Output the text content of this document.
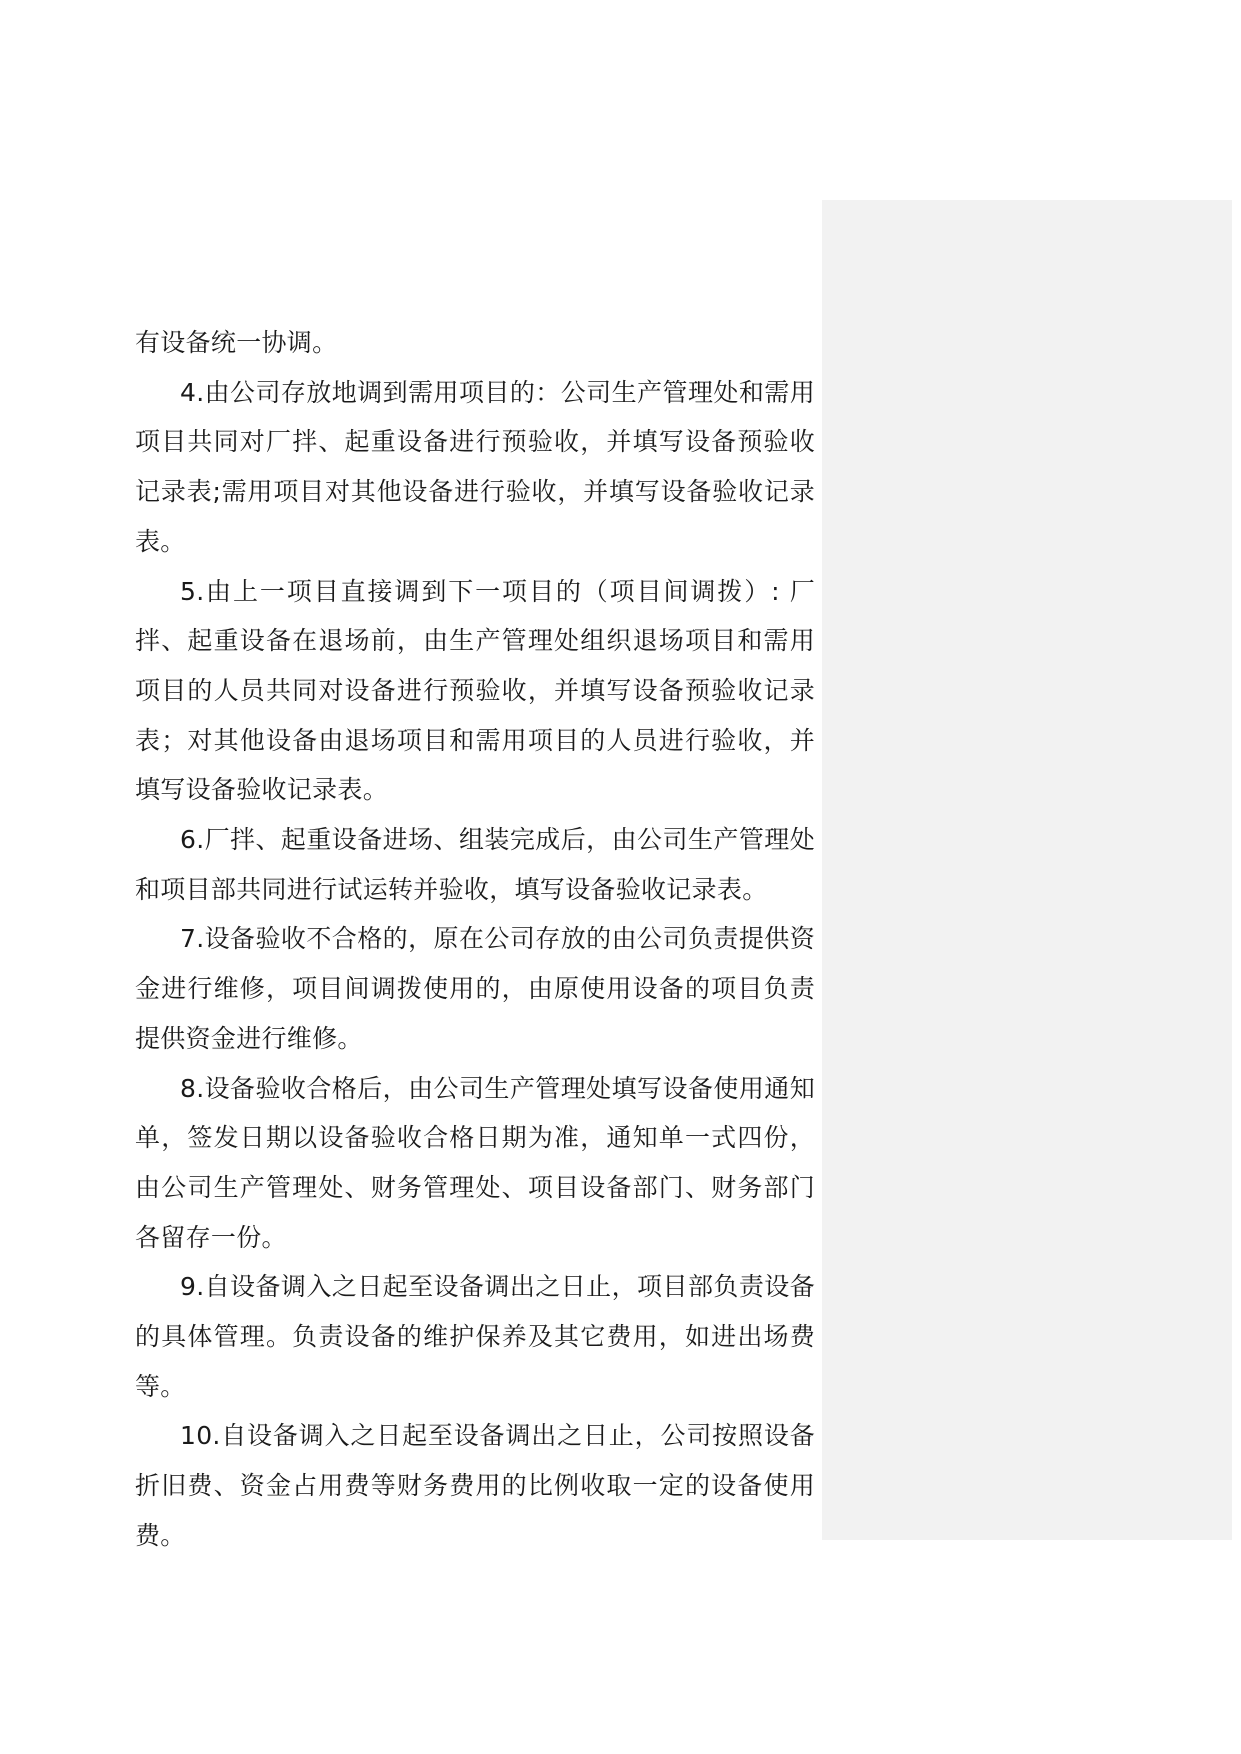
有设备统一协调。

4.由公司存放地调到需用项目的：公司生产管理处和需用项目共同对厂拌、起重设备进行预验收，并填写设备预验收记录表;需用项目对其他设备进行验收，并填写设备验收记录表。

5.由上一项目直接调到下一项目的（项目间调拨）: 厂拌、起重设备在退场前，由生产管理处组织退场项目和需用项目的人员共同对设备进行预验收，并填写设备预验收记录表；对其他设备由退场项目和需用项目的人员进行验收，并填写设备验收记录表。

6.厂拌、起重设备进场、组装完成后，由公司生产管理处和项目部共同进行试运转并验收，填写设备验收记录表。

7.设备验收不合格的，原在公司存放的由公司负责提供资金进行维修，项目间调拨使用的，由原使用设备的项目负责提供资金进行维修。

8.设备验收合格后，由公司生产管理处填写设备使用通知单，签发日期以设备验收合格日期为准，通知单一式四份，由公司生产管理处、财务管理处、项目设备部门、财务部门各留存一份。

9.自设备调入之日起至设备调出之日止，项目部负责设备的具体管理。负责设备的维护保养及其它费用，如进出场费等。

10.自设备调入之日起至设备调出之日止，公司按照设备折旧费、资金占用费等财务费用的比例收取一定的设备使用费。
